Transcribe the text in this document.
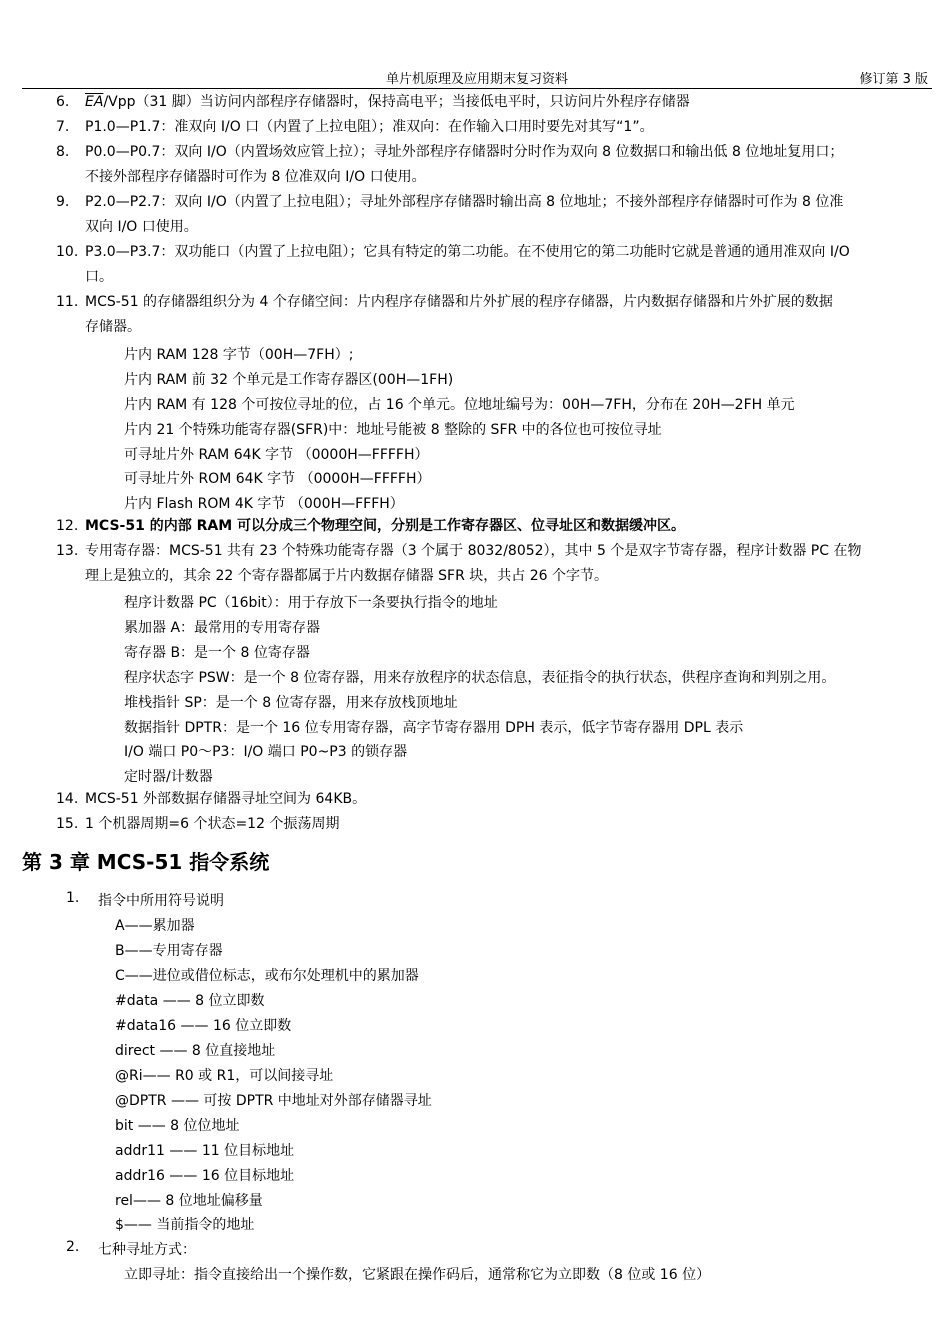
单片机原理及应用期末复习资料	修订第 3 版
6. $\overline{EA}/Vpp(31$ 脚）当访问内部程序存储器时，保持高电平；当接低电平时，只访问片外程序存储器
7. P1.0—P1.7：准双向 I/O 口（内置了上拉电阻）；准双向：在作输入口用时要先对其写“1”。
8. P0.0—P0.7：双向 I/O（内置场效应管上拉）；寻址外部程序存储器时分时作为双向 8 位数据口和输出低 8 位地址复用口；
不接外部程序存储器时可作为 8 位准双向 I/O 口使用。
9. P2.0—P2.7：双向 I/O（内置了上拉电阻）；寻址外部程序存储器时输出高 8 位地址；不接外部程序存储器时可作为 8 位准
双向 I/O 口使用。
10. P3.0—P3.7：双功能口（内置了上拉电阻）；它具有特定的第二功能。在不使用它的第二功能时它就是普通的通用准双向 I/O
口。
11. MCS-51 的存储器组织分为 4 个存储空间：片内程序存储器和片外扩展的程序存储器，片内数据存储器和片外扩展的数据
存储器。
片内 RAM 128 字节（00H—7FH）;
片内 RAM 前 32 个单元是工作寄存器区(00H—1FH)
片内 RAM 有 128 个可按位寻址的位，占 16 个单元。位地址编号为：00H—7FH，分布在 20H—2FH 单元
片内 21 个特殊功能寄存器(SFR)中：地址号能被 8 整除的 SFR 中的各位也可按位寻址
可寻址片外 RAM 64K 字节 （0000H—FFFFH）
可寻址片外 ROM 64K 字节 （0000H—FFFFH）
片内 Flash ROM 4K 字节 （000H—FFFH）
12. MCS-51 的内部 RAM 可以分成三个物理空间，分别是工作寄存器区、位寻址区和数据缓冲区。
13. 专用寄存器：MCS-51 共有 23 个特殊功能寄存器（3 个属于 8032/8052），其中 5 个是双字节寄存器，程序计数器 PC 在物
理上是独立的，其余 22 个寄存器都属于片内数据存储器 SFR 块，共占 26 个字节。
程序计数器 PC（16bit）：用于存放下一条要执行指令的地址
累加器 A：最常用的专用寄存器
寄存器 B：是一个 8 位寄存器
程序状态字 PSW：是一个 8 位寄存器，用来存放程序的状态信息，表征指令的执行状态，供程序查询和判别之用。
堆栈指针 SP：是一个 8 位寄存器，用来存放栈顶地址
数据指针 DPTR：是一个 16 位专用寄存器，高字节寄存器用 DPH 表示，低字节寄存器用 DPL 表示
I/O 端口 P0～P3：I/O 端口 P0~P3 的锁存器
定时器/计数器
14. MCS-51 外部数据存储器寻址空间为 64KB。
15. 1 个机器周期=6 个状态=12 个振荡周期
第 3 章 MCS-51 指令系统
1. 指令中所用符号说明
A——累加器
B——专用寄存器
C——进位或借位标志，或布尔处理机中的累加器
#data —— 8 位立即数
#data16 —— 16 位立即数
direct —— 8 位直接地址
@Ri—— R0 或 R1，可以间接寻址
@DPTR —— 可按 DPTR 中地址对外部存储器寻址
bit —— 8 位位地址
addr11 —— 11 位目标地址
addr16 —— 16 位目标地址
rel—— 8 位地址偏移量
$—— 当前指令的地址
2. 七种寻址方式：
立即寻址：指令直接给出一个操作数，它紧跟在操作码后，通常称它为立即数（8 位或 16 位）
